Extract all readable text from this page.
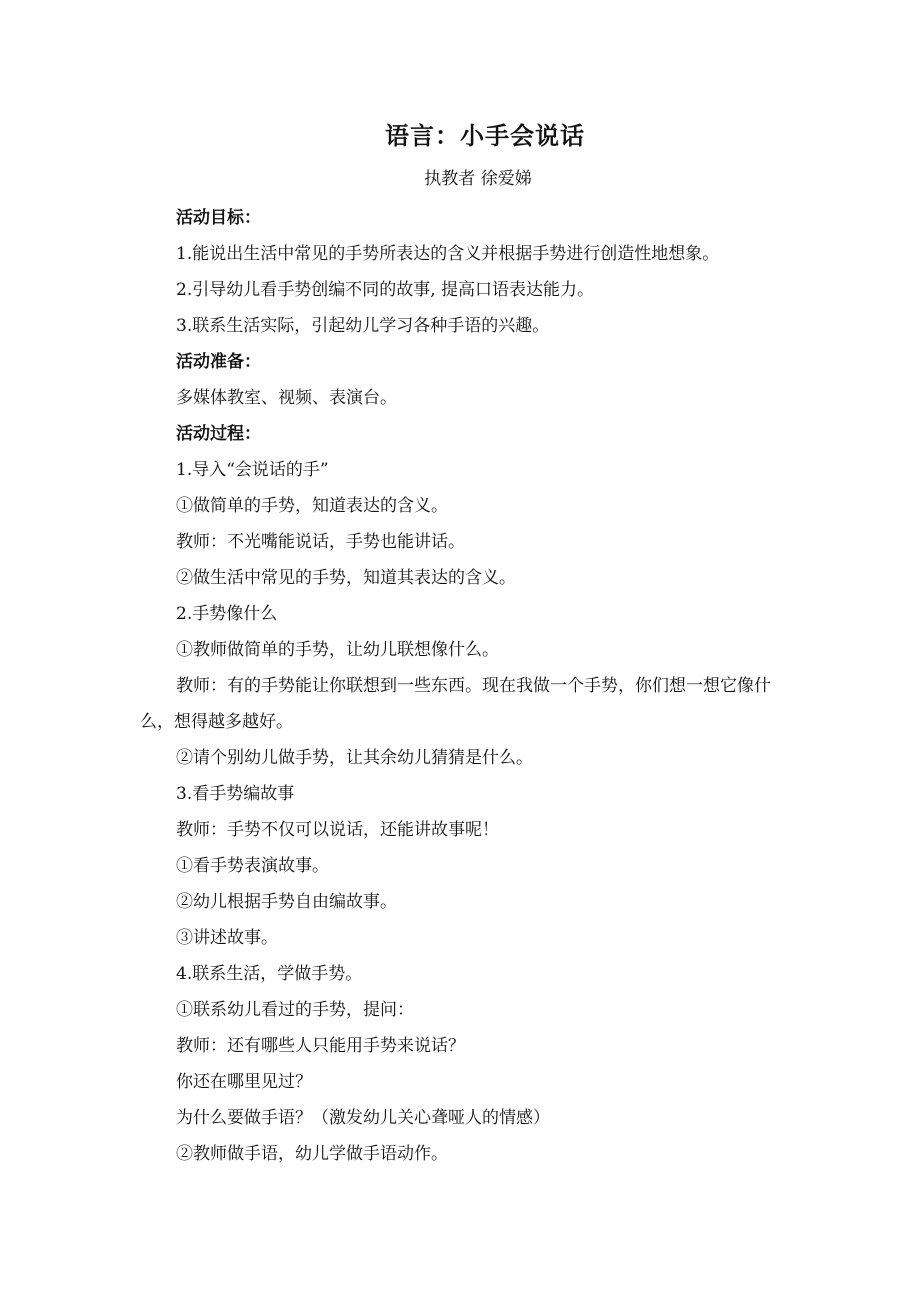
语言：小手会说话
执教者 徐爱娣

活动目标：

1.能说出生活中常见的手势所表达的含义并根据手势进行创造性地想象。

2.引导幼儿看手势创编不同的故事, 提高口语表达能力。

3.联系生活实际，引起幼儿学习各种手语的兴趣。

活动准备：

多媒体教室、视频、表演台。

活动过程：

1.导入“会说话的手”

①做简单的手势，知道表达的含义。

教师：不光嘴能说话，手势也能讲话。

②做生活中常见的手势，知道其表达的含义。

2.手势像什么

①教师做简单的手势，让幼儿联想像什么。

教师：有的手势能让你联想到一些东西。现在我做一个手势，你们想一想它像什么，想得越多越好。

②请个别幼儿做手势，让其余幼儿猜猜是什么。

3.看手势编故事

教师：手势不仅可以说话，还能讲故事呢！

①看手势表演故事。

②幼儿根据手势自由编故事。

③讲述故事。

4.联系生活，学做手势。

①联系幼儿看过的手势，提问：

教师：还有哪些人只能用手势来说话？

你还在哪里见过？

为什么要做手语？（激发幼儿关心聋哑人的情感）

②教师做手语，幼儿学做手语动作。
